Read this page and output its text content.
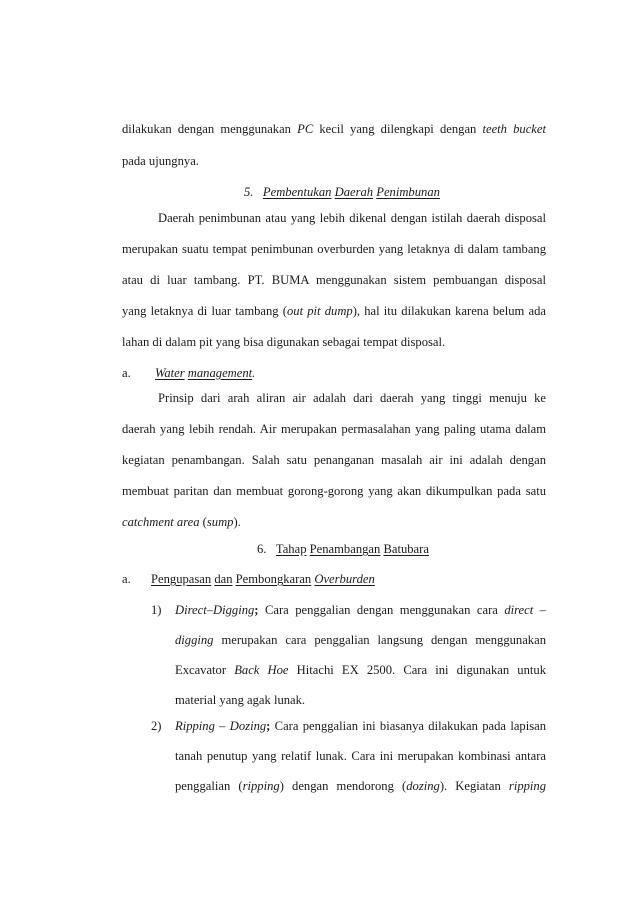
dilakukan dengan menggunakan PC kecil yang dilengkapi dengan teeth bucket
pada ujungnya.
5. Pembentukan Daerah Penimbunan
Daerah penimbunan atau yang lebih dikenal dengan istilah daerah disposal
merupakan suatu tempat penimbunan overburden yang letaknya di dalam tambang
atau di luar tambang. PT. BUMA menggunakan sistem pembuangan disposal
yang letaknya di luar tambang (out pit dump), hal itu dilakukan karena belum ada
lahan di dalam pit yang bisa digunakan sebagai tempat disposal.
a. Water management.
Prinsip dari arah aliran air adalah dari daerah yang tinggi menuju ke
daerah yang lebih rendah. Air merupakan permasalahan yang paling utama dalam
kegiatan penambangan. Salah satu penanganan masalah air ini adalah dengan
membuat paritan dan membuat gorong-gorong yang akan dikumpulkan pada satu
catchment area (sump).
6. Tahap Penambangan Batubara
a. Pengupasan dan Pembongkaran Overburden
1) Direct–Digging; Cara penggalian dengan menggunakan cara direct –
digging merupakan cara penggalian langsung dengan menggunakan
Excavator Back Hoe Hitachi EX 2500. Cara ini digunakan untuk
material yang agak lunak.
2) Ripping – Dozing; Cara penggalian ini biasanya dilakukan pada lapisan
tanah penutup yang relatif lunak. Cara ini merupakan kombinasi antara
penggalian (ripping) dengan mendorong (dozing). Kegiatan ripping
